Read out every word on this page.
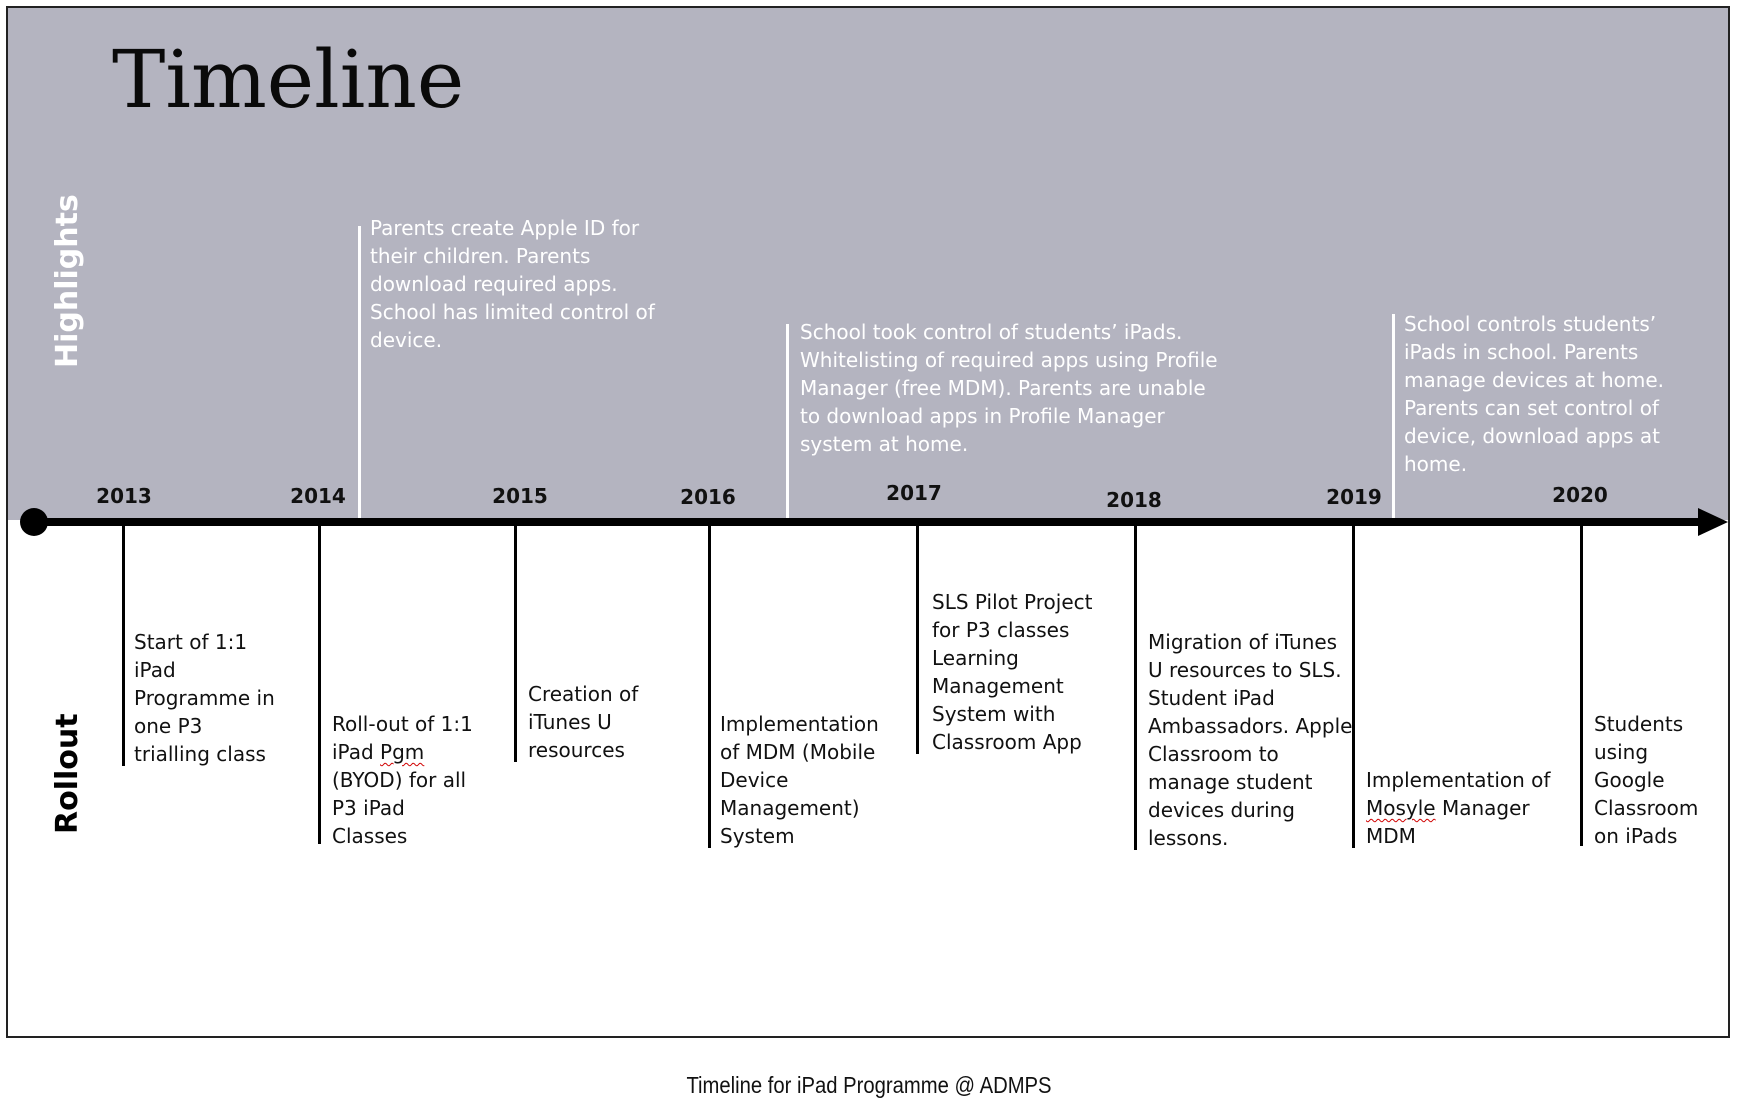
Timeline
Highlights
Rollout
Parents create Apple ID for their children. Parents download required apps. School has limited control of device.	School took control of students’ iPads. Whitelisting of required apps using Profile Manager (free MDM). Parents are unable to download apps in Profile Manager system at home.
School controls students’ iPads in school. Parents manage devices at home. Parents can set control of device, download apps at home.
2013	2014	2015	2016	2017	2018	2019	2020
Start of 1:1 iPad Programme in one P3 trialling class
Roll-out of 1:1 iPad Pgm (BYOD) for all P3 iPad Classes
Creation of iTunes U resources
Implementation of MDM (Mobile Device Management) System
SLS Pilot Project for P3 classes Learning Management System with Classroom App
Migration of iTunes U resources to SLS. Student iPad Ambassadors. Apple Classroom to manage student devices during lessons.
Implementation of Mosyle Manager MDM
Students using Google Classroom on iPads
Timeline for iPad Programme @ ADMPS
